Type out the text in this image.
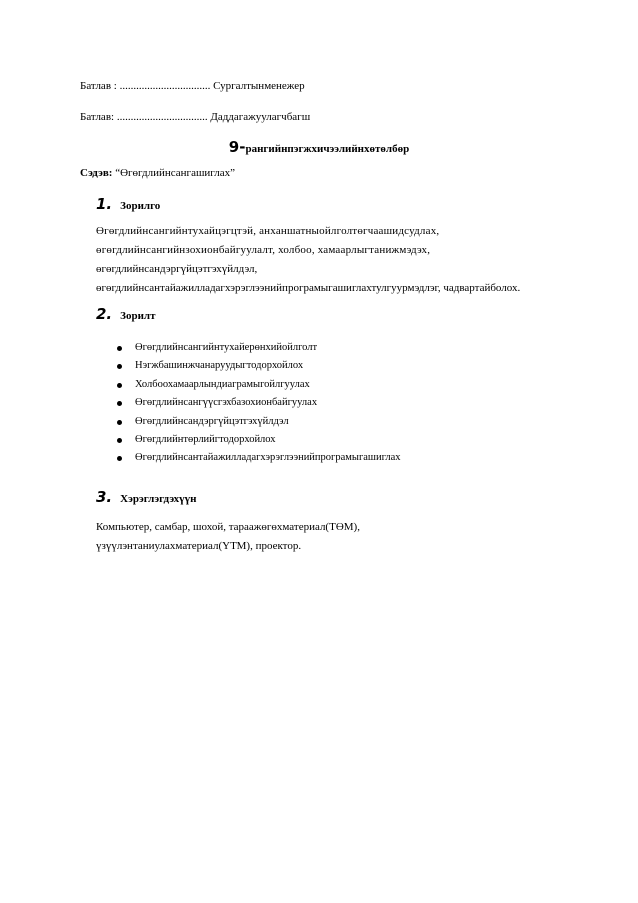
Батлав : ................................. Сургалтынменежер
Батлав: ................................. Даддагажуулагчбагш
9-рангийнпэгжхичээлийнхөтөлбөр
Сэдэв: “Өгөгдлийнсангашиглах”
1. Зорилго
Өгөгдлийнсангийнтухайцэгцтэй, анханшатныойлголтөгчаашидсудлах,
өгөгдлийнсангийнзохионбайгуулалт, холбоо, хамаарлыгтанижмэдэх,
өгөгдлийнсандэргүйцэтгэхүйлдэл,
өгөгдлийнсантайажилладагхэрэглээнийпрограмыгашиглахтулгуурмэдлэг, чадвартайболох.
2. Зорилт
Өгөгдлийнсангийнтухайерөнхийойлголт
Нэгжбашинжчанаруудыгтодорхойлох
Холбоохамаарлындиаграмыгойлгуулах
Өгөгдлийнсангүүсгэхбазохионбайгуулах
Өгөгдлийнсандэргүйцэтгэхүйлдэл
Өгөгдлийнтөрлийгтодорхойлох
Өгөгдлийнсантайажилладагхэрэглээнийпрограмыгашиглах
3. Хэрэглэгдэхүүн
Компьютер, самбар, шохой, тараажөгөхматериал(ТӨМ),
үзүүлэнтаниулахматериал(ҮТМ), проектор.
